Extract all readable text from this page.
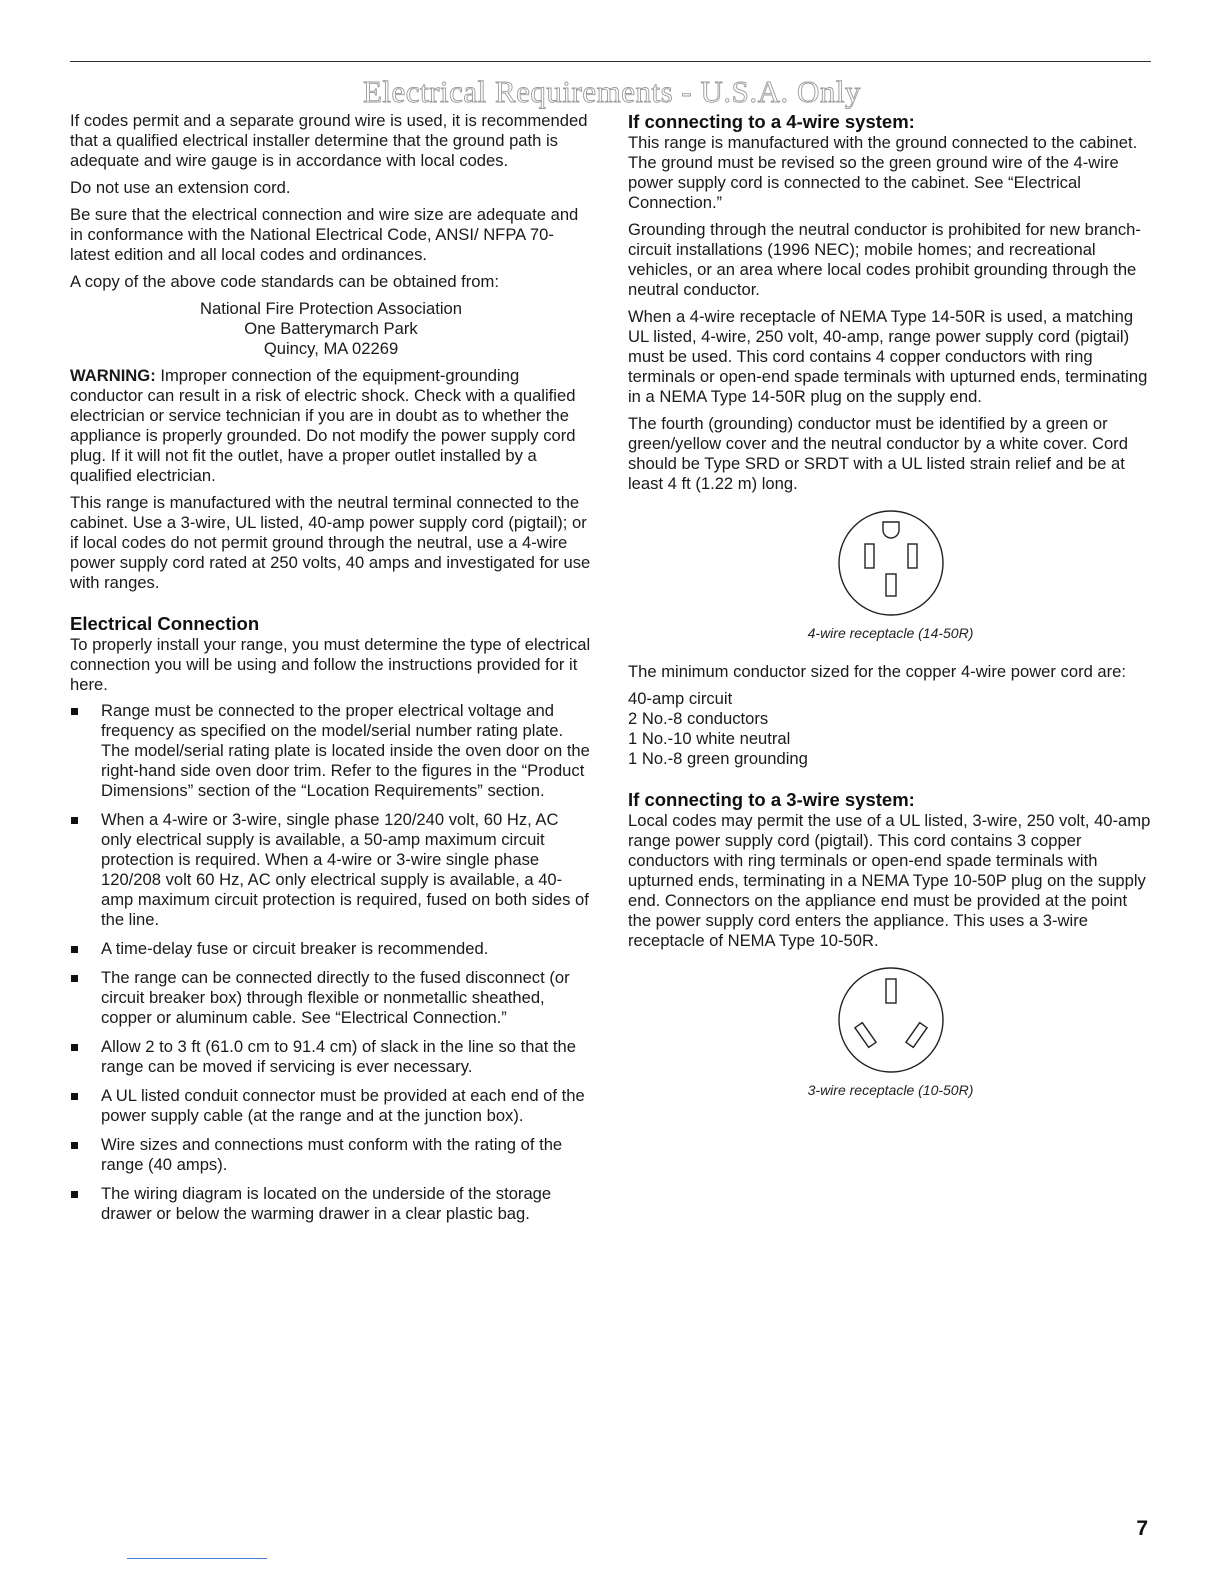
Electrical Requirements - U.S.A. Only

If codes permit and a separate ground wire is used, it is recommended that a qualified electrical installer determine that the ground path is adequate and wire gauge is in accordance with local codes.

Do not use an extension cord.

Be sure that the electrical connection and wire size are adequate and in conformance with the National Electrical Code, ANSI/ NFPA 70-latest edition and all local codes and ordinances.

A copy of the above code standards can be obtained from:

National Fire Protection Association
One Batterymarch Park
Quincy, MA 02269

WARNING: Improper connection of the equipment-grounding conductor can result in a risk of electric shock. Check with a qualified electrician or service technician if you are in doubt as to whether the appliance is properly grounded. Do not modify the power supply cord plug. If it will not fit the outlet, have a proper outlet installed by a qualified electrician.

This range is manufactured with the neutral terminal connected to the cabinet. Use a 3-wire, UL listed, 40-amp power supply cord (pigtail); or if local codes do not permit ground through the neutral, use a 4-wire power supply cord rated at 250 volts, 40 amps and investigated for use with ranges.

Electrical Connection

To properly install your range, you must determine the type of electrical connection you will be using and follow the instructions provided for it here.

Range must be connected to the proper electrical voltage and frequency as specified on the model/serial number rating plate. The model/serial rating plate is located inside the oven door on the right-hand side oven door trim. Refer to the figures in the “Product Dimensions” section of the “Location Requirements” section.
When a 4-wire or 3-wire, single phase 120/240 volt, 60 Hz, AC only electrical supply is available, a 50-amp maximum circuit protection is required. When a 4-wire or 3-wire single phase 120/208 volt 60 Hz, AC only electrical supply is available, a 40-amp maximum circuit protection is required, fused on both sides of the line.
A time-delay fuse or circuit breaker is recommended.
The range can be connected directly to the fused disconnect (or circuit breaker box) through flexible or nonmetallic sheathed, copper or aluminum cable. See “Electrical Connection.”
Allow 2 to 3 ft (61.0 cm to 91.4 cm) of slack in the line so that the range can be moved if servicing is ever necessary.
A UL listed conduit connector must be provided at each end of the power supply cable (at the range and at the junction box).
Wire sizes and connections must conform with the rating of the range (40 amps).
The wiring diagram is located on the underside of the storage drawer or below the warming drawer in a clear plastic bag.
If connecting to a 4-wire system:

This range is manufactured with the ground connected to the cabinet. The ground must be revised so the green ground wire of the 4-wire power supply cord is connected to the cabinet. See “Electrical Connection.”

Grounding through the neutral conductor is prohibited for new branch-circuit installations (1996 NEC); mobile homes; and recreational vehicles, or an area where local codes prohibit grounding through the neutral conductor.

When a 4-wire receptacle of NEMA Type 14-50R is used, a matching UL listed, 4-wire, 250 volt, 40-amp, range power supply cord (pigtail) must be used. This cord contains 4 copper conductors with ring terminals or open-end spade terminals with upturned ends, terminating in a NEMA Type 14-50R plug on the supply end.

The fourth (grounding) conductor must be identified by a green or green/yellow cover and the neutral conductor by a white cover. Cord should be Type SRD or SRDT with a UL listed strain relief and be at least 4 ft (1.22 m) long.

4-wire receptacle (14-50R)

The minimum conductor sized for the copper 4-wire power cord are:

40-amp circuit
2 No.-8 conductors
1 No.-10 white neutral
1 No.-8 green grounding
If connecting to a 3-wire system:

Local codes may permit the use of a UL listed, 3-wire, 250 volt, 40-amp range power supply cord (pigtail). This cord contains 3 copper conductors with ring terminals or open-end spade terminals with upturned ends, terminating in a NEMA Type 10-50P plug on the supply end. Connectors on the appliance end must be provided at the point the power supply cord enters the appliance. This uses a 3-wire receptacle of NEMA Type 10-50R.

3-wire receptacle (10-50R)
7
